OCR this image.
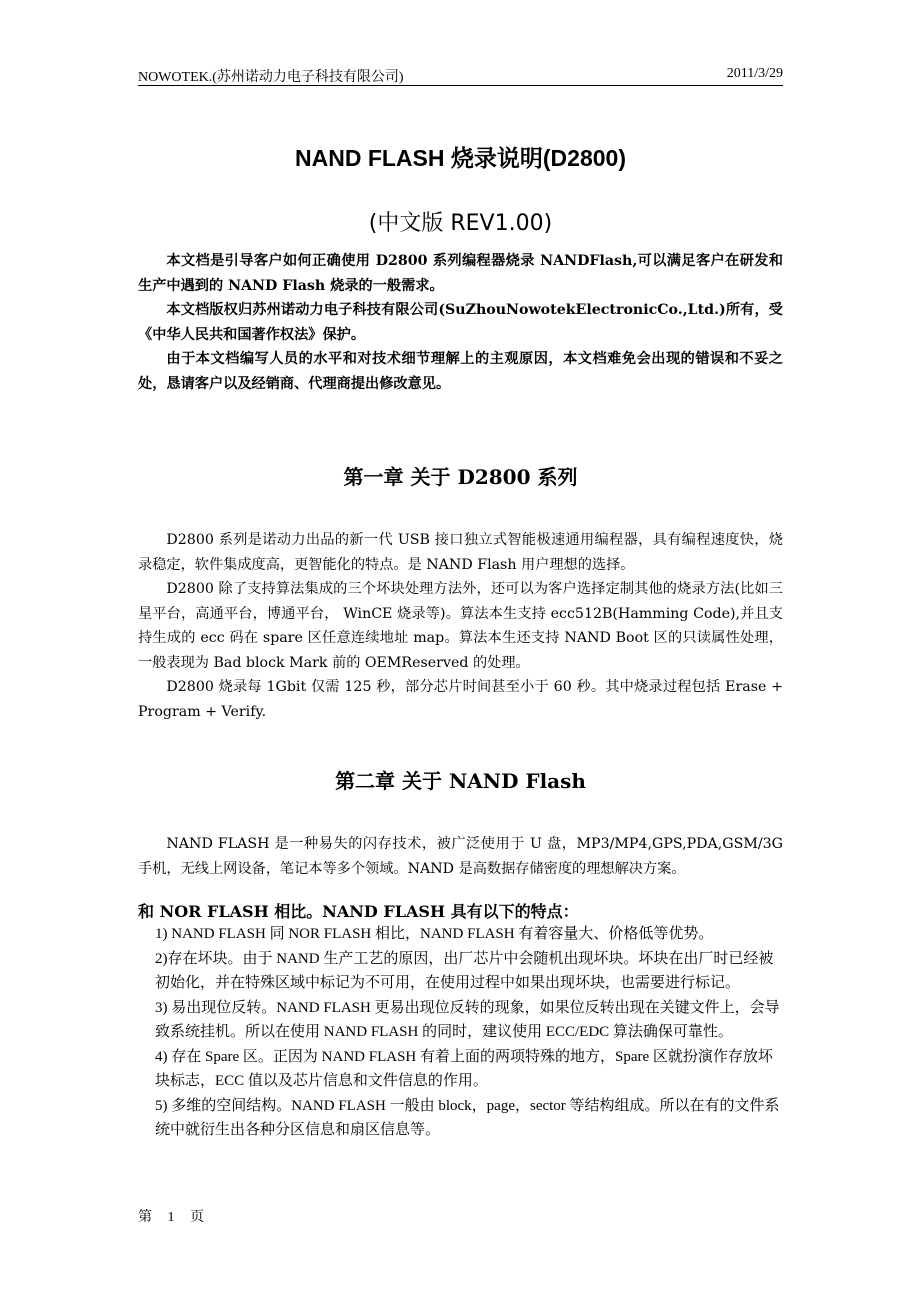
NOWOTEK.(苏州诺动力电子科技有限公司)	2011/3/29
NAND FLASH 烧录说明(D2800)
(中文版 REV1.00)

本文档是引导客户如何正确使用 D2800 系列编程器烧录 NANDFlash,可以满足客户在研发和生产中遇到的 NAND Flash 烧录的一般需求。

本文档版权归苏州诺动力电子科技有限公司(SuZhouNowotekElectronicCo.,Ltd.)所有，受《中华人民共和国著作权法》保护。

由于本文档编写人员的水平和对技术细节理解上的主观原因，本文档难免会出现的错误和不妥之处，恳请客户以及经销商、代理商提出修改意见。

第一章 关于 D2800 系列

D2800 系列是诺动力出品的新一代 USB 接口独立式智能极速通用编程器，具有编程速度快，烧录稳定，软件集成度高，更智能化的特点。是 NAND Flash 用户理想的选择。

D2800 除了支持算法集成的三个坏块处理方法外，还可以为客户选择定制其他的烧录方法(比如三星平台，高通平台，博通平台， WinCE 烧录等)。算法本生支持 ecc512B(Hamming Code),并且支持生成的 ecc 码在 spare 区任意连续地址 map。算法本生还支持 NAND Boot 区的只读属性处理，一般表现为 Bad block Mark 前的 OEMReserved 的处理。

D2800 烧录每 1Gbit 仅需 125 秒，部分芯片时间甚至小于 60 秒。其中烧录过程包括 Erase + Program + Verify.

第二章 关于 NAND Flash

NAND FLASH 是一种易失的闪存技术，被广泛使用于 U 盘，MP3/MP4,GPS,PDA,GSM/3G 手机，无线上网设备，笔记本等多个领域。NAND 是高数据存储密度的理想解决方案。

和 NOR FLASH 相比。NAND FLASH 具有以下的特点：

1) NAND FLASH 同 NOR FLASH 相比，NAND FLASH 有着容量大、价格低等优势。

2)存在坏块。由于 NAND 生产工艺的原因，出厂芯片中会随机出现坏块。坏块在出厂时已经被初始化，并在特殊区域中标记为不可用，在使用过程中如果出现坏块，也需要进行标记。

3) 易出现位反转。NAND FLASH 更易出现位反转的现象，如果位反转出现在关键文件上，会导致系统挂机。所以在使用 NAND FLASH 的同时，建议使用 ECC/EDC 算法确保可靠性。

4) 存在 Spare 区。正因为 NAND FLASH 有着上面的两项特殊的地方，Spare 区就扮演作存放坏块标志，ECC 值以及芯片信息和文件信息的作用。

5) 多维的空间结构。NAND FLASH 一般由 block，page，sector 等结构组成。所以在有的文件系统中就衍生出各种分区信息和扇区信息等。

第 1 页
